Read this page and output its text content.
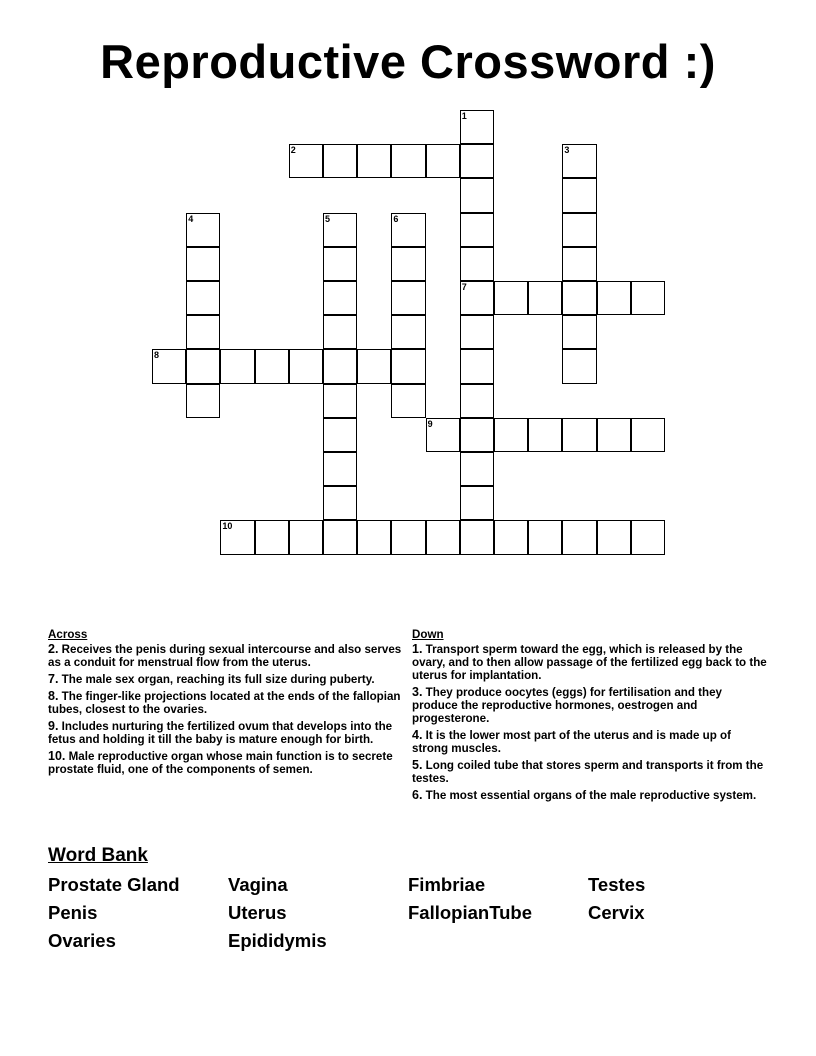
Reproductive Crossword :)
1
7
2	3
4	5	6
8
9
10
Across
2. Receives the penis during sexual intercourse and also serves as a conduit for menstrual flow from the uterus.
7. The male sex organ, reaching its full size during puberty.
8. The finger-like projections located at the ends of the fallopian tubes, closest to the ovaries.
9. Includes nurturing the fertilized ovum that develops into the fetus and holding it till the baby is mature enough for birth.
10. Male reproductive organ whose main function is to secrete prostate fluid, one of the components of semen.
Down
1. Transport sperm toward the egg, which is released by the ovary, and to then allow passage of the fertilized egg back to the uterus for implantation.
3. They produce oocytes (eggs) for fertilisation and they produce the reproductive hormones, oestrogen and progesterone.
4. It is the lower most part of the uterus and is made up of strong muscles.
5. Long coiled tube that stores sperm and transports it from the testes.
6. The most essential organs of the male reproductive system.
Word Bank
Prostate Gland	Vagina	Fimbriae	Testes
Penis	Uterus	FallopianTube	Cervix
Ovaries	Epididymis
